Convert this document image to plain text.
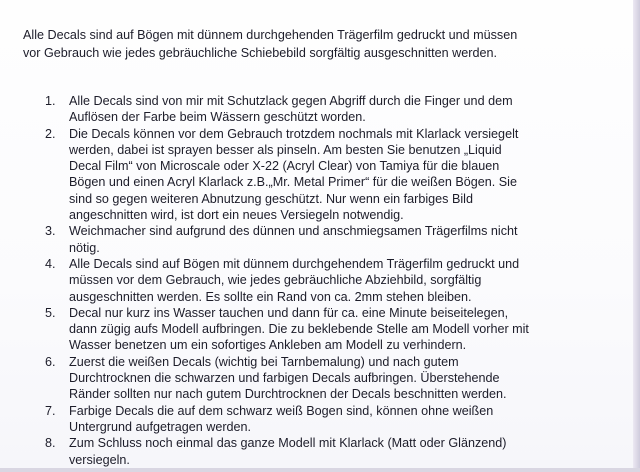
Alle Decals sind auf Bögen mit dünnem durchgehenden Trägerfilm gedruckt und müssen
vor Gebrauch wie jedes gebräuchliche Schiebebild sorgfältig ausgeschnitten werden.

1.	Alle Decals sind von mir mit Schutzlack gegen Abgriff durch die Finger und dem
Auflösen der Farbe beim Wässern geschützt worden.
2.	Die Decals können vor dem Gebrauch trotzdem nochmals mit Klarlack versiegelt
werden, dabei ist sprayen besser als pinseln. Am besten Sie benutzen „Liquid
Decal Film“ von Microscale oder X-22 (Acryl Clear) von Tamiya für die blauen
Bögen und einen Acryl Klarlack z.B.„Mr. Metal Primer“ für die weißen Bögen. Sie
sind so gegen weiteren Abnutzung geschützt. Nur wenn ein farbiges Bild
angeschnitten wird, ist dort ein neues Versiegeln notwendig.
3.	Weichmacher sind aufgrund des dünnen und anschmiegsamen Trägerfilms nicht
nötig.
4.	Alle Decals sind auf Bögen mit dünnem durchgehendem Trägerfilm gedruckt und
müssen vor dem Gebrauch, wie jedes gebräuchliche Abziehbild, sorgfältig
ausgeschnitten werden. Es sollte ein Rand von ca. 2mm stehen bleiben.
5.	Decal nur kurz ins Wasser tauchen und dann für ca. eine Minute beiseitelegen,
dann zügig aufs Modell aufbringen. Die zu beklebende Stelle am Modell vorher mit
Wasser benetzen um ein sofortiges Ankleben am Modell zu verhindern.
6.	Zuerst die weißen Decals (wichtig bei Tarnbemalung) und nach gutem
Durchtrocknen die schwarzen und farbigen Decals aufbringen. Überstehende
Ränder sollten nur nach gutem Durchtrocknen der Decals beschnitten werden.
7.	Farbige Decals die auf dem schwarz weiß Bogen sind, können ohne weißen
Untergrund aufgetragen werden.
8.	Zum Schluss noch einmal das ganze Modell mit Klarlack (Matt oder Glänzend)
versiegeln.
